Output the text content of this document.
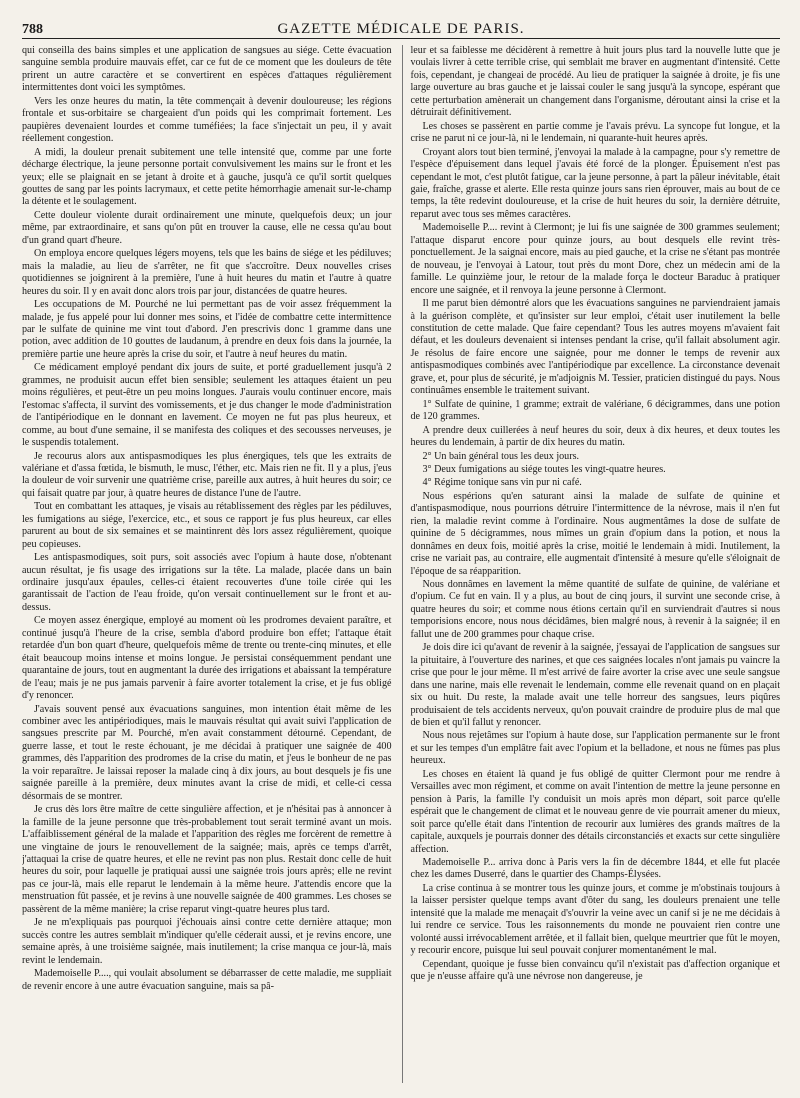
788	GAZETTE MÉDICALE DE PARIS.

qui conseilla des bains simples et une application de sangsues au siége. Cette évacuation sanguine sembla produire mauvais effet, car ce fut de ce moment que les douleurs de tête prirent un autre caractère et se convertirent en espèces d'attaques régulièrement intermittentes dont voici les symptômes.

Vers les onze heures du matin, la tête commençait à devenir douloureuse; les régions frontale et sus-orbitaire se chargeaient d'un poids qui les comprimait fortement. Les paupières devenaient lourdes et comme tuméfiées; la face s'injectait un peu, il y avait réellement congestion.

A midi, la douleur prenait subitement une telle intensité que, comme par une forte décharge électrique, la jeune personne portait convulsivement les mains sur le front et les yeux; elle se plaignait en se jetant à droite et à gauche, jusqu'à ce qu'il sortit quelques gouttes de sang par les points lacrymaux, et cette petite hémorrhagie amenait sur-le-champ la détente et le soulagement.

Cette douleur violente durait ordinairement une minute, quelquefois deux; un jour même, par extraordinaire, et sans qu'on pût en trouver la cause, elle ne cessa qu'au bout d'un grand quart d'heure.

On employa encore quelques légers moyens, tels que les bains de siége et les pédiluves; mais la maladie, au lieu de s'arrêter, ne fit que s'accroître. Deux nouvelles crises quotidiennes se joignirent à la première, l'une à huit heures du matin et l'autre à quatre heures du soir. Il y en avait donc alors trois par jour, distancées de quatre heures.

Les occupations de M. Pourché ne lui permettant pas de voir assez fréquemment la malade, je fus appelé pour lui donner mes soins, et l'idée de combattre cette intermittence par le sulfate de quinine me vint tout d'abord. J'en prescrivis donc 1 gramme dans une potion, avec addition de 10 gouttes de laudanum, à prendre en deux fois dans la journée, la première partie une heure après la crise du soir, et l'autre à neuf heures du matin.

Ce médicament employé pendant dix jours de suite, et porté graduellement jusqu'à 2 grammes, ne produisit aucun effet bien sensible; seulement les attaques étaient un peu moins régulières, et peut-être un peu moins longues. J'aurais voulu continuer encore, mais l'estomac s'affecta, il survint des vomissements, et je dus changer le mode d'administration de l'antipériodique en le donnant en lavement. Ce moyen ne fut pas plus heureux, et comme, au bout d'une semaine, il se manifesta des coliques et des secousses nerveuses, je le suspendis totalement.

Je recourus alors aux antispasmodiques les plus énergiques, tels que les extraits de valériane et d'assa fœtida, le bismuth, le musc, l'éther, etc. Mais rien ne fit. Il y a plus, j'eus la douleur de voir survenir une quatrième crise, pareille aux autres, à huit heures du soir; ce qui faisait quatre par jour, à quatre heures de distance l'une de l'autre.

Tout en combattant les attaques, je visais au rétablissement des règles par les pédiluves, les fumigations au siége, l'exercice, etc., et sous ce rapport je fus plus heureux, car elles parurent au bout de six semaines et se maintinrent dès lors assez régulièrement, quoique peu copieuses.

Les antispasmodiques, soit purs, soit associés avec l'opium à haute dose, n'obtenant aucun résultat, je fis usage des irrigations sur la tête. La malade, placée dans un bain ordinaire jusqu'aux épaules, celles-ci étaient recouvertes d'une toile cirée qui les garantissait de l'action de l'eau froide, qu'on versait continuellement sur le front et au-dessus.

Ce moyen assez énergique, employé au moment où les prodromes devaient paraître, et continué jusqu'à l'heure de la crise, sembla d'abord produire bon effet; l'attaque était retardée d'un bon quart d'heure, quelquefois même de trente ou trente-cinq minutes, et elle était beaucoup moins intense et moins longue. Je persistai conséquemment pendant une quarantaine de jours, tout en augmentant la durée des irrigations et abaissant la température de l'eau; mais je ne pus jamais parvenir à faire avorter totalement la crise, et je fus obligé d'y renoncer.

J'avais souvent pensé aux évacuations sanguines, mon intention était même de les combiner avec les antipériodiques, mais le mauvais résultat qui avait suivi l'application de sangsues prescrite par M. Pourché, m'en avait constamment détourné. Cependant, de guerre lasse, et tout le reste échouant, je me décidai à pratiquer une saignée de 400 grammes, dès l'apparition des prodromes de la crise du matin, et j'eus le bonheur de ne pas la voir reparaître. Je laissai reposer la malade cinq à dix jours, au bout desquels je fis une saignée pareille à la première, deux minutes avant la crise de midi, et celle-ci cessa désormais de se montrer.

Je crus dès lors être maître de cette singulière affection, et je n'hésitai pas à annoncer à la famille de la jeune personne que très-probablement tout serait terminé avant un mois. L'affaiblissement général de la malade et l'apparition des règles me forcèrent de remettre à une vingtaine de jours le renouvellement de la saignée; mais, après ce temps d'arrêt, j'attaquai la crise de quatre heures, et elle ne revint pas non plus. Restait donc celle de huit heures du soir, pour laquelle je pratiquai aussi une saignée trois jours après; elle ne revint pas ce jour-là, mais elle reparut le lendemain à la même heure. J'attendis encore que la menstruation fût passée, et je revins à une nouvelle saignée de 400 grammes. Les choses se passèrent de la même manière; la crise reparut vingt-quatre heures plus tard.

Je ne m'expliquais pas pourquoi j'échouais ainsi contre cette dernière attaque; mon succès contre les autres semblait m'indiquer qu'elle céderait aussi, et je revins encore, une semaine après, à une troisième saignée, mais inutilement; la crise manqua ce jour-là, mais revint le lendemain.

Mademoiselle P...., qui voulait absolument se débarrasser de cette maladie, me suppliait de revenir encore à une autre évacuation sanguine, mais sa pâ-

leur et sa faiblesse me décidèrent à remettre à huit jours plus tard la nouvelle lutte que je voulais livrer à cette terrible crise, qui semblait me braver en augmentant d'intensité. Cette fois, cependant, je changeai de procédé. Au lieu de pratiquer la saignée à droite, je fis une large ouverture au bras gauche et je laissai couler le sang jusqu'à la syncope, espérant que cette perturbation amènerait un changement dans l'organisme, déroutant ainsi la crise et la détruirait définitivement.

Les choses se passèrent en partie comme je l'avais prévu. La syncope fut longue, et la crise ne parut ni ce jour-là, ni le lendemain, ni quarante-huit heures après.

Croyant alors tout bien terminé, j'envoyai la malade à la campagne, pour s'y remettre de l'espèce d'épuisement dans lequel j'avais été forcé de la plonger. Épuisement n'est pas cependant le mot, c'est plutôt fatigue, car la jeune personne, à part la pâleur inévitable, était gaie, fraîche, grasse et alerte. Elle resta quinze jours sans rien éprouver, mais au bout de ce temps, la tête redevint douloureuse, et la crise de huit heures du soir, la dernière détruite, reparut avec tous ses mêmes caractères.

Mademoiselle P.... revint à Clermont; je lui fis une saignée de 300 grammes seulement; l'attaque disparut encore pour quinze jours, au bout desquels elle revint très-ponctuellement. Je la saignai encore, mais au pied gauche, et la crise ne s'étant pas montrée de nouveau, je l'envoyai à Latour, tout près du mont Dore, chez un médecin ami de la famille. Le quinzième jour, le retour de la malade força le docteur Baraduc à pratiquer encore une saignée, et il renvoya la jeune personne à Clermont.

Il me parut bien démontré alors que les évacuations sanguines ne parviendraient jamais à la guérison complète, et qu'insister sur leur emploi, c'était user inutilement la belle constitution de cette malade. Que faire cependant? Tous les autres moyens m'avaient fait défaut, et les douleurs devenaient si intenses pendant la crise, qu'il fallait absolument agir. Je résolus de faire encore une saignée, pour me donner le temps de revenir aux antispasmodiques combinés avec l'antipériodique par excellence. La circonstance devenait grave, et, pour plus de sécurité, je m'adjoignis M. Tessier, praticien distingué du pays. Nous continuâmes ensemble le traitement suivant.

1° Sulfate de quinine, 1 gramme; extrait de valériane, 6 décigrammes, dans une potion de 120 grammes.

A prendre deux cuillerées à neuf heures du soir, deux à dix heures, et deux toutes les heures du lendemain, à partir de dix heures du matin.

2° Un bain général tous les deux jours.

3° Deux fumigations au siége toutes les vingt-quatre heures.

4° Régime tonique sans vin pur ni café.

Nous espérions qu'en saturant ainsi la malade de sulfate de quinine et d'antispasmodique, nous pourrions détruire l'intermittence de la névrose, mais il n'en fut rien, la maladie revint comme à l'ordinaire. Nous augmentâmes la dose de sulfate de quinine de 5 décigrammes, nous mîmes un grain d'opium dans la potion, et nous la donnâmes en deux fois, moitié après la crise, moitié le lendemain à midi. Inutilement, la crise ne variait pas, au contraire, elle augmentait d'intensité à mesure qu'elle s'éloignait de l'époque de sa réapparition.

Nous donnâmes en lavement la même quantité de sulfate de quinine, de valériane et d'opium. Ce fut en vain. Il y a plus, au bout de cinq jours, il survint une seconde crise, à quatre heures du soir; et comme nous étions certain qu'il en surviendrait d'autres si nous temporisions encore, nous nous décidâmes, bien malgré nous, à revenir à la saignée; il en fallut une de 200 grammes pour chaque crise.

Je dois dire ici qu'avant de revenir à la saignée, j'essayai de l'application de sangsues sur la pituitaire, à l'ouverture des narines, et que ces saignées locales n'ont jamais pu vaincre la crise que pour le jour même. Il m'est arrivé de faire avorter la crise avec une seule sangsue dans une narine, mais elle revenait le lendemain, comme elle revenait quand on en plaçait six ou huit. Du reste, la malade avait une telle horreur des sangsues, leurs piqûres produisaient de tels accidents nerveux, qu'on pouvait craindre de produire plus de mal que de bien et qu'il fallut y renoncer.

Nous nous rejetâmes sur l'opium à haute dose, sur l'application permanente sur le front et sur les tempes d'un emplâtre fait avec l'opium et la belladone, et nous ne fûmes pas plus heureux.

Les choses en étaient là quand je fus obligé de quitter Clermont pour me rendre à Versailles avec mon régiment, et comme on avait l'intention de mettre la jeune personne en pension à Paris, la famille l'y conduisit un mois après mon départ, soit parce qu'elle espérait que le changement de climat et le nouveau genre de vie pourrait amener du mieux, soit parce qu'elle était dans l'intention de recourir aux lumières des grands maîtres de la capitale, auxquels je pourrais donner des détails circonstanciés et exacts sur cette singulière affection.

Mademoiselle P... arriva donc à Paris vers la fin de décembre 1844, et elle fut placée chez les dames Duserré, dans le quartier des Champs-Élysées.

La crise continua à se montrer tous les quinze jours, et comme je m'obstinais toujours à la laisser persister quelque temps avant d'ôter du sang, les douleurs prenaient une telle intensité que la malade me menaçait d's'ouvrir la veine avec un canif si je ne me décidais à lui rendre ce service. Tous les raisonnements du monde ne pouvaient rien contre une volonté aussi irrévocablement arrêtée, et il fallait bien, quelque meurtrier que fût le moyen, y recourir encore, puisque lui seul pouvait conjurer momentanément le mal.

Cependant, quoique je fusse bien convaincu qu'il n'existait pas d'affection organique et que je n'eusse affaire qu'à une névrose non dangereuse, je
